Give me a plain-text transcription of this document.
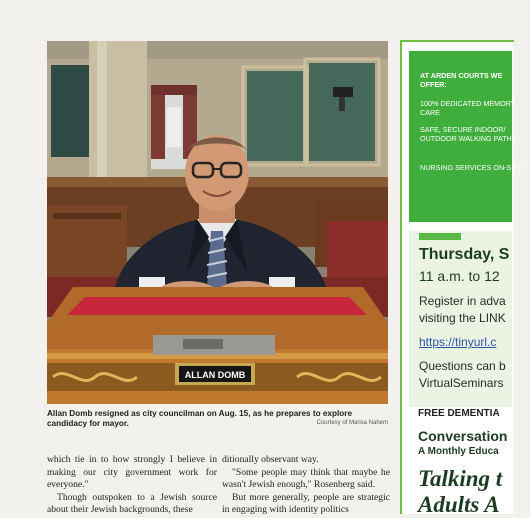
ALLAN DOMB
Allan Domb resigned as city councilman on Aug. 15, as he prepares to explore candidacy for mayor.	Courtesy of Marisa Nahem

which tie in to how strongly I believe in making our city government work for everyone."

Though outspoken to a Jewish source about their Jewish backgrounds, these

ditionally observant way.

"Some people may think that maybe he wasn't Jewish enough," Rosenberg said.

But more generally, people are strategic in engaging with identity politics

AT ARDEN COURTS WE OFFER:
100% DEDICATED MEMORY CARE
SAFE, SECURE INDOOR/ OUTDOOR WALKING PATHS
NURSING SERVICES ON-SITE
Thursday, S
11 a.m. to 12
Register in adva
visiting the LINK
https://tinyurl.c
Questions can b
VirtualSeminars
FREE DEMENTIA
Conversation
A Monthly Educa
Talking t
Adults A
